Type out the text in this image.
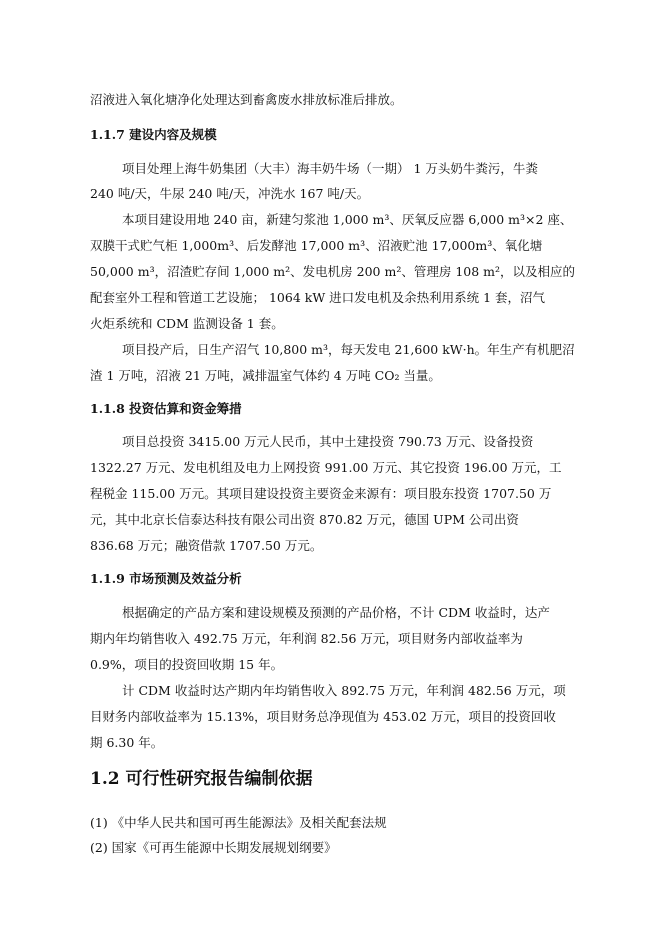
沼液进入氧化塘净化处理达到畜禽废水排放标准后排放。
1.1.7 建设内容及规模
项目处理上海牛奶集团（大丰）海丰奶牛场（一期） 1 万头奶牛粪污，牛粪
240 吨/天，牛尿 240 吨/天，冲洗水 167 吨/天。
本项目建设用地 240 亩，新建匀浆池 1,000 m³、厌氧反应器 6,000 m³×2 座、
双膜干式贮气柜 1,000m³、后发酵池 17,000 m³、沼液贮池 17,000m³、氧化塘
50,000 m³，沼渣贮存间 1,000 m²、发电机房 200 m²、管理房 108 m²，以及相应的
配套室外工程和管道工艺设施； 1064 kW 进口发电机及余热利用系统 1 套，沼气
火炬系统和 CDM 监测设备 1 套。
项目投产后，日生产沼气 10,800 m³，每天发电 21,600 kW·h。年生产有机肥沼
渣 1 万吨，沼液 21 万吨，减排温室气体约 4 万吨 CO₂ 当量。
1.1.8 投资估算和资金筹措
项目总投资 3415.00 万元人民币，其中土建投资 790.73 万元、设备投资
1322.27 万元、发电机组及电力上网投资 991.00 万元、其它投资 196.00 万元，工
程税金 115.00 万元。其项目建设投资主要资金来源有：项目股东投资 1707.50 万
元，其中北京长信泰达科技有限公司出资 870.82 万元，德国 UPM 公司出资
836.68 万元；融资借款 1707.50 万元。
1.1.9 市场预测及效益分析
根据确定的产品方案和建设规模及预测的产品价格，不计 CDM 收益时，达产
期内年均销售收入 492.75 万元，年利润 82.56 万元，项目财务内部收益率为
0.9%，项目的投资回收期 15 年。
计 CDM 收益时达产期内年均销售收入 892.75 万元，年利润 482.56 万元，项
目财务内部收益率为 15.13%，项目财务总净现值为 453.02 万元，项目的投资回收
期 6.30 年。
1.2 可行性研究报告编制依据
(1) 《中华人民共和国可再生能源法》及相关配套法规
(2) 国家《可再生能源中长期发展规划纲要》
